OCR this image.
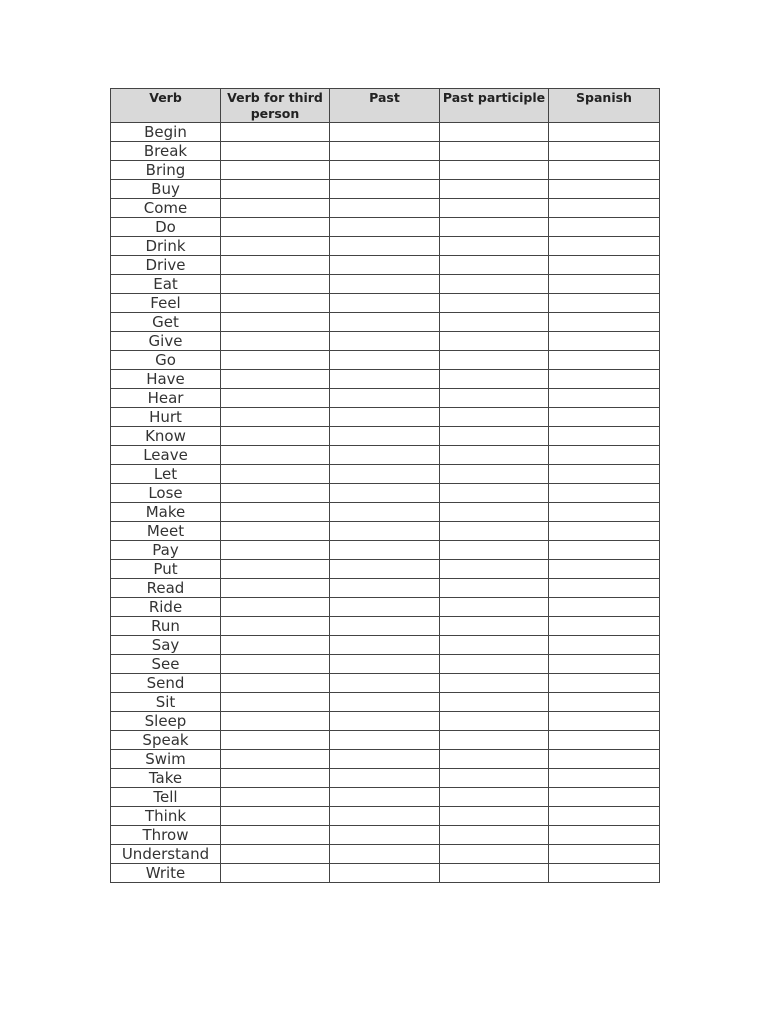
Verb	Verb for third person	Past	Past participle	Spanish

Begin				
Break				
Bring				
Buy				
Come				
Do				
Drink				
Drive				
Eat				
Feel				
Get				
Give				
Go				
Have				
Hear				
Hurt				
Know				
Leave				
Let				
Lose				
Make				
Meet				
Pay				
Put				
Read				
Ride				
Run				
Say				
See				
Send				
Sit				
Sleep				
Speak				
Swim				
Take				
Tell				
Think				
Throw				
Understand				
Write				
